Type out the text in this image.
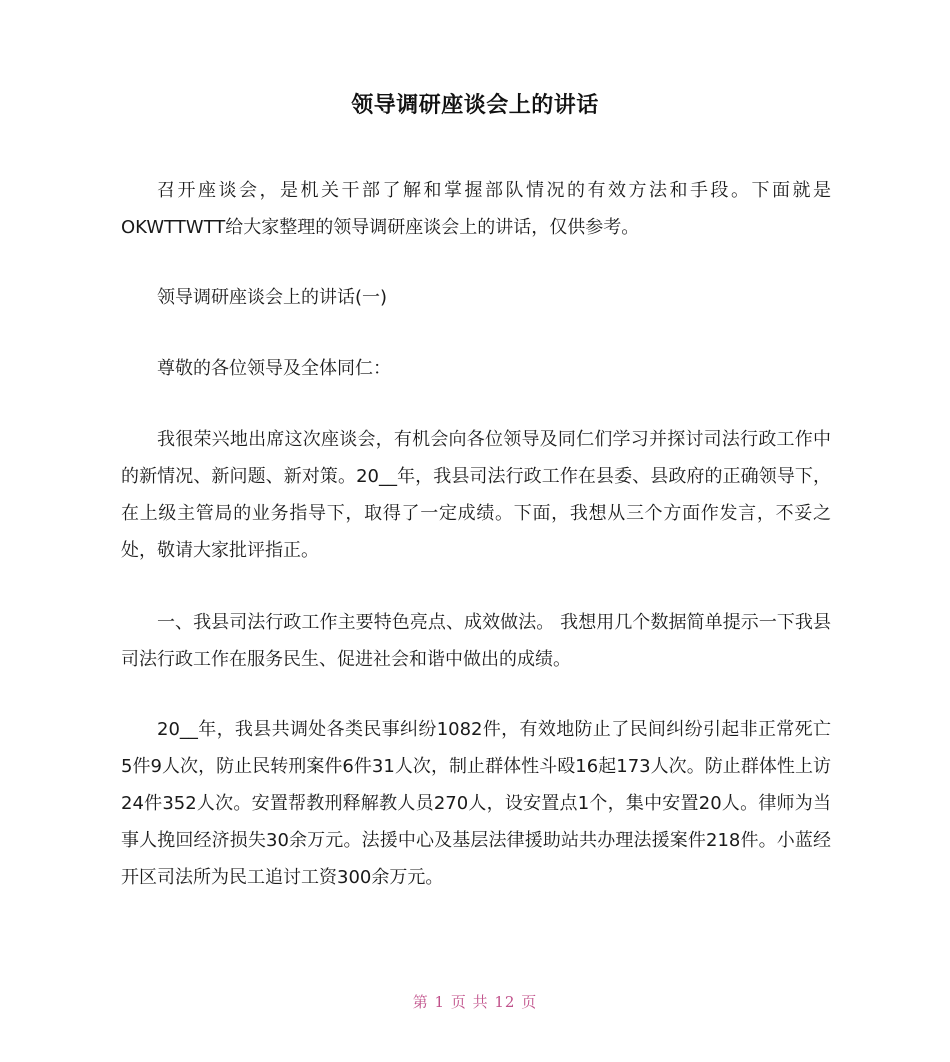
领导调研座谈会上的讲话
召开座谈会，是机关干部了解和掌握部队情况的有效方法和手段。下面就是OKWTTWTT给大家整理的领导调研座谈会上的讲话，仅供参考。
领导调研座谈会上的讲话(一)
尊敬的各位领导及全体同仁：
我很荣兴地出席这次座谈会，有机会向各位领导及同仁们学习并探讨司法行政工作中的新情况、新问题、新对策。20__年，我县司法行政工作在县委、县政府的正确领导下，在上级主管局的业务指导下，取得了一定成绩。下面，我想从三个方面作发言，不妥之处，敬请大家批评指正。
一、我县司法行政工作主要特色亮点、成效做法。 我想用几个数据简单提示一下我县司法行政工作在服务民生、促进社会和谐中做出的成绩。
20__年，我县共调处各类民事纠纷1082件，有效地防止了民间纠纷引起非正常死亡5件9人次，防止民转刑案件6件31人次，制止群体性斗殴16起173人次。防止群体性上访24件352人次。安置帮教刑释解教人员270人，设安置点1个，集中安置20人。律师为当事人挽回经济损失30余万元。法援中心及基层法律援助站共办理法援案件218件。小蓝经开区司法所为民工追讨工资300余万元。
第 1 页 共 12 页
